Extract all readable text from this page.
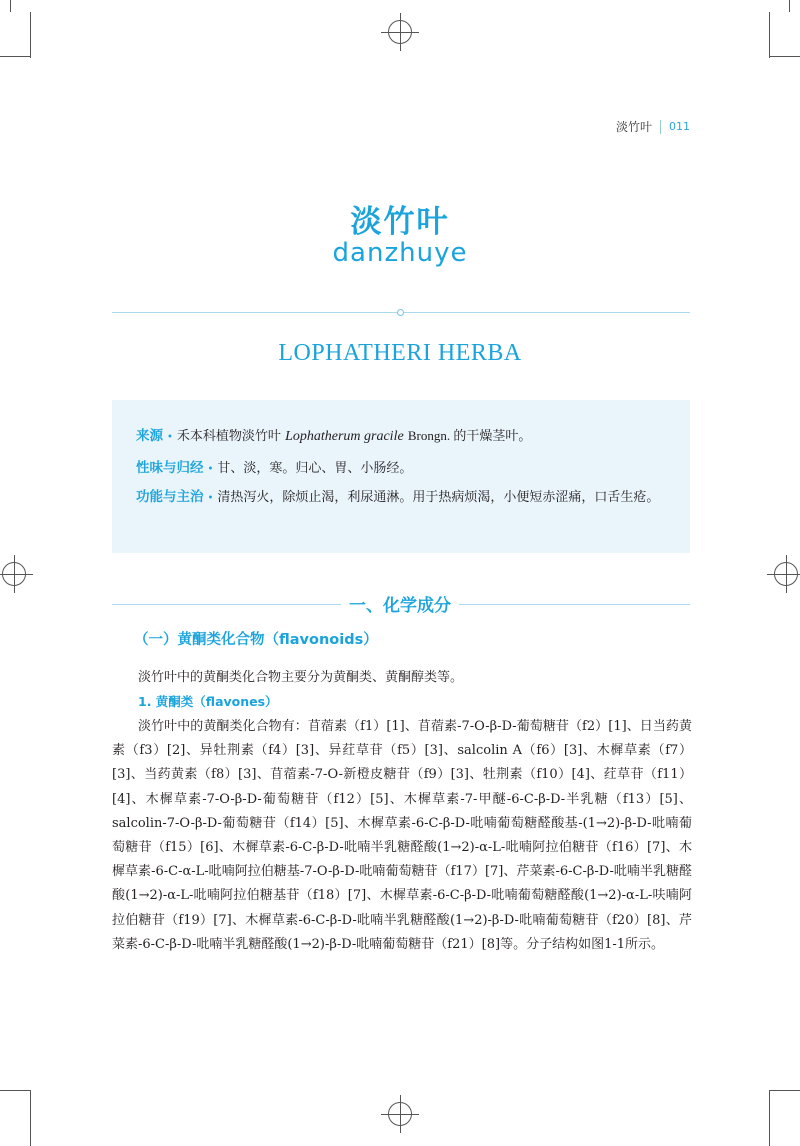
淡竹叶 011
淡竹叶
danzhuye
LOPHATHERI HERBA
来源 • 禾本科植物淡竹叶 Lophatherum gracile Brongn. 的干燥茎叶。
性味与归经 • 甘、淡，寒。归心、胃、小肠经。
功能与主治 • 清热泻火，除烦止渴，利尿通淋。用于热病烦渴，小便短赤涩痛，口舌生疮。
一、化学成分
（一）黄酮类化合物（flavonoids）
淡竹叶中的黄酮类化合物主要分为黄酮类、黄酮醇类等。
1. 黄酮类（flavones）
淡竹叶中的黄酮类化合物有：苜蓿素（f1）[1]、苜蓿素-7-O-β-D-葡萄糖苷（f2）[1]、日当药黄素（f3）[2]、异牡荆素（f4）[3]、异荭草苷（f5）[3]、salcolin A（f6）[3]、木樨草素（f7）[3]、当药黄素（f8）[3]、苜蓿素-7-O-新橙皮糖苷（f9）[3]、牡荆素（f10）[4]、荭草苷（f11）[4]、木樨草素-7-O-β-D-葡萄糖苷（f12）[5]、木樨草素-7-甲醚-6-C-β-D-半乳糖（f13）[5]、salcolin-7-O-β-D-葡萄糖苷（f14）[5]、木樨草素-6-C-β-D-吡喃葡萄糖醛酸基-(1→2)-β-D-吡喃葡萄糖苷（f15）[6]、木樨草素-6-C-β-D-吡喃半乳糖醛酸(1→2)-α-L-吡喃阿拉伯糖苷（f16）[7]、木樨草素-6-C-α-L-吡喃阿拉伯糖基-7-O-β-D-吡喃葡萄糖苷（f17）[7]、芹菜素-6-C-β-D-吡喃半乳糖醛酸(1→2)-α-L-吡喃阿拉伯糖基苷（f18）[7]、木樨草素-6-C-β-D-吡喃葡萄糖醛酸(1→2)-α-L-呋喃阿拉伯糖苷（f19）[7]、木樨草素-6-C-β-D-吡喃半乳糖醛酸(1→2)-β-D-吡喃葡萄糖苷（f20）[8]、芹菜素-6-C-β-D-吡喃半乳糖醛酸(1→2)-β-D-吡喃葡萄糖苷（f21）[8]等。分子结构如图1-1所示。
